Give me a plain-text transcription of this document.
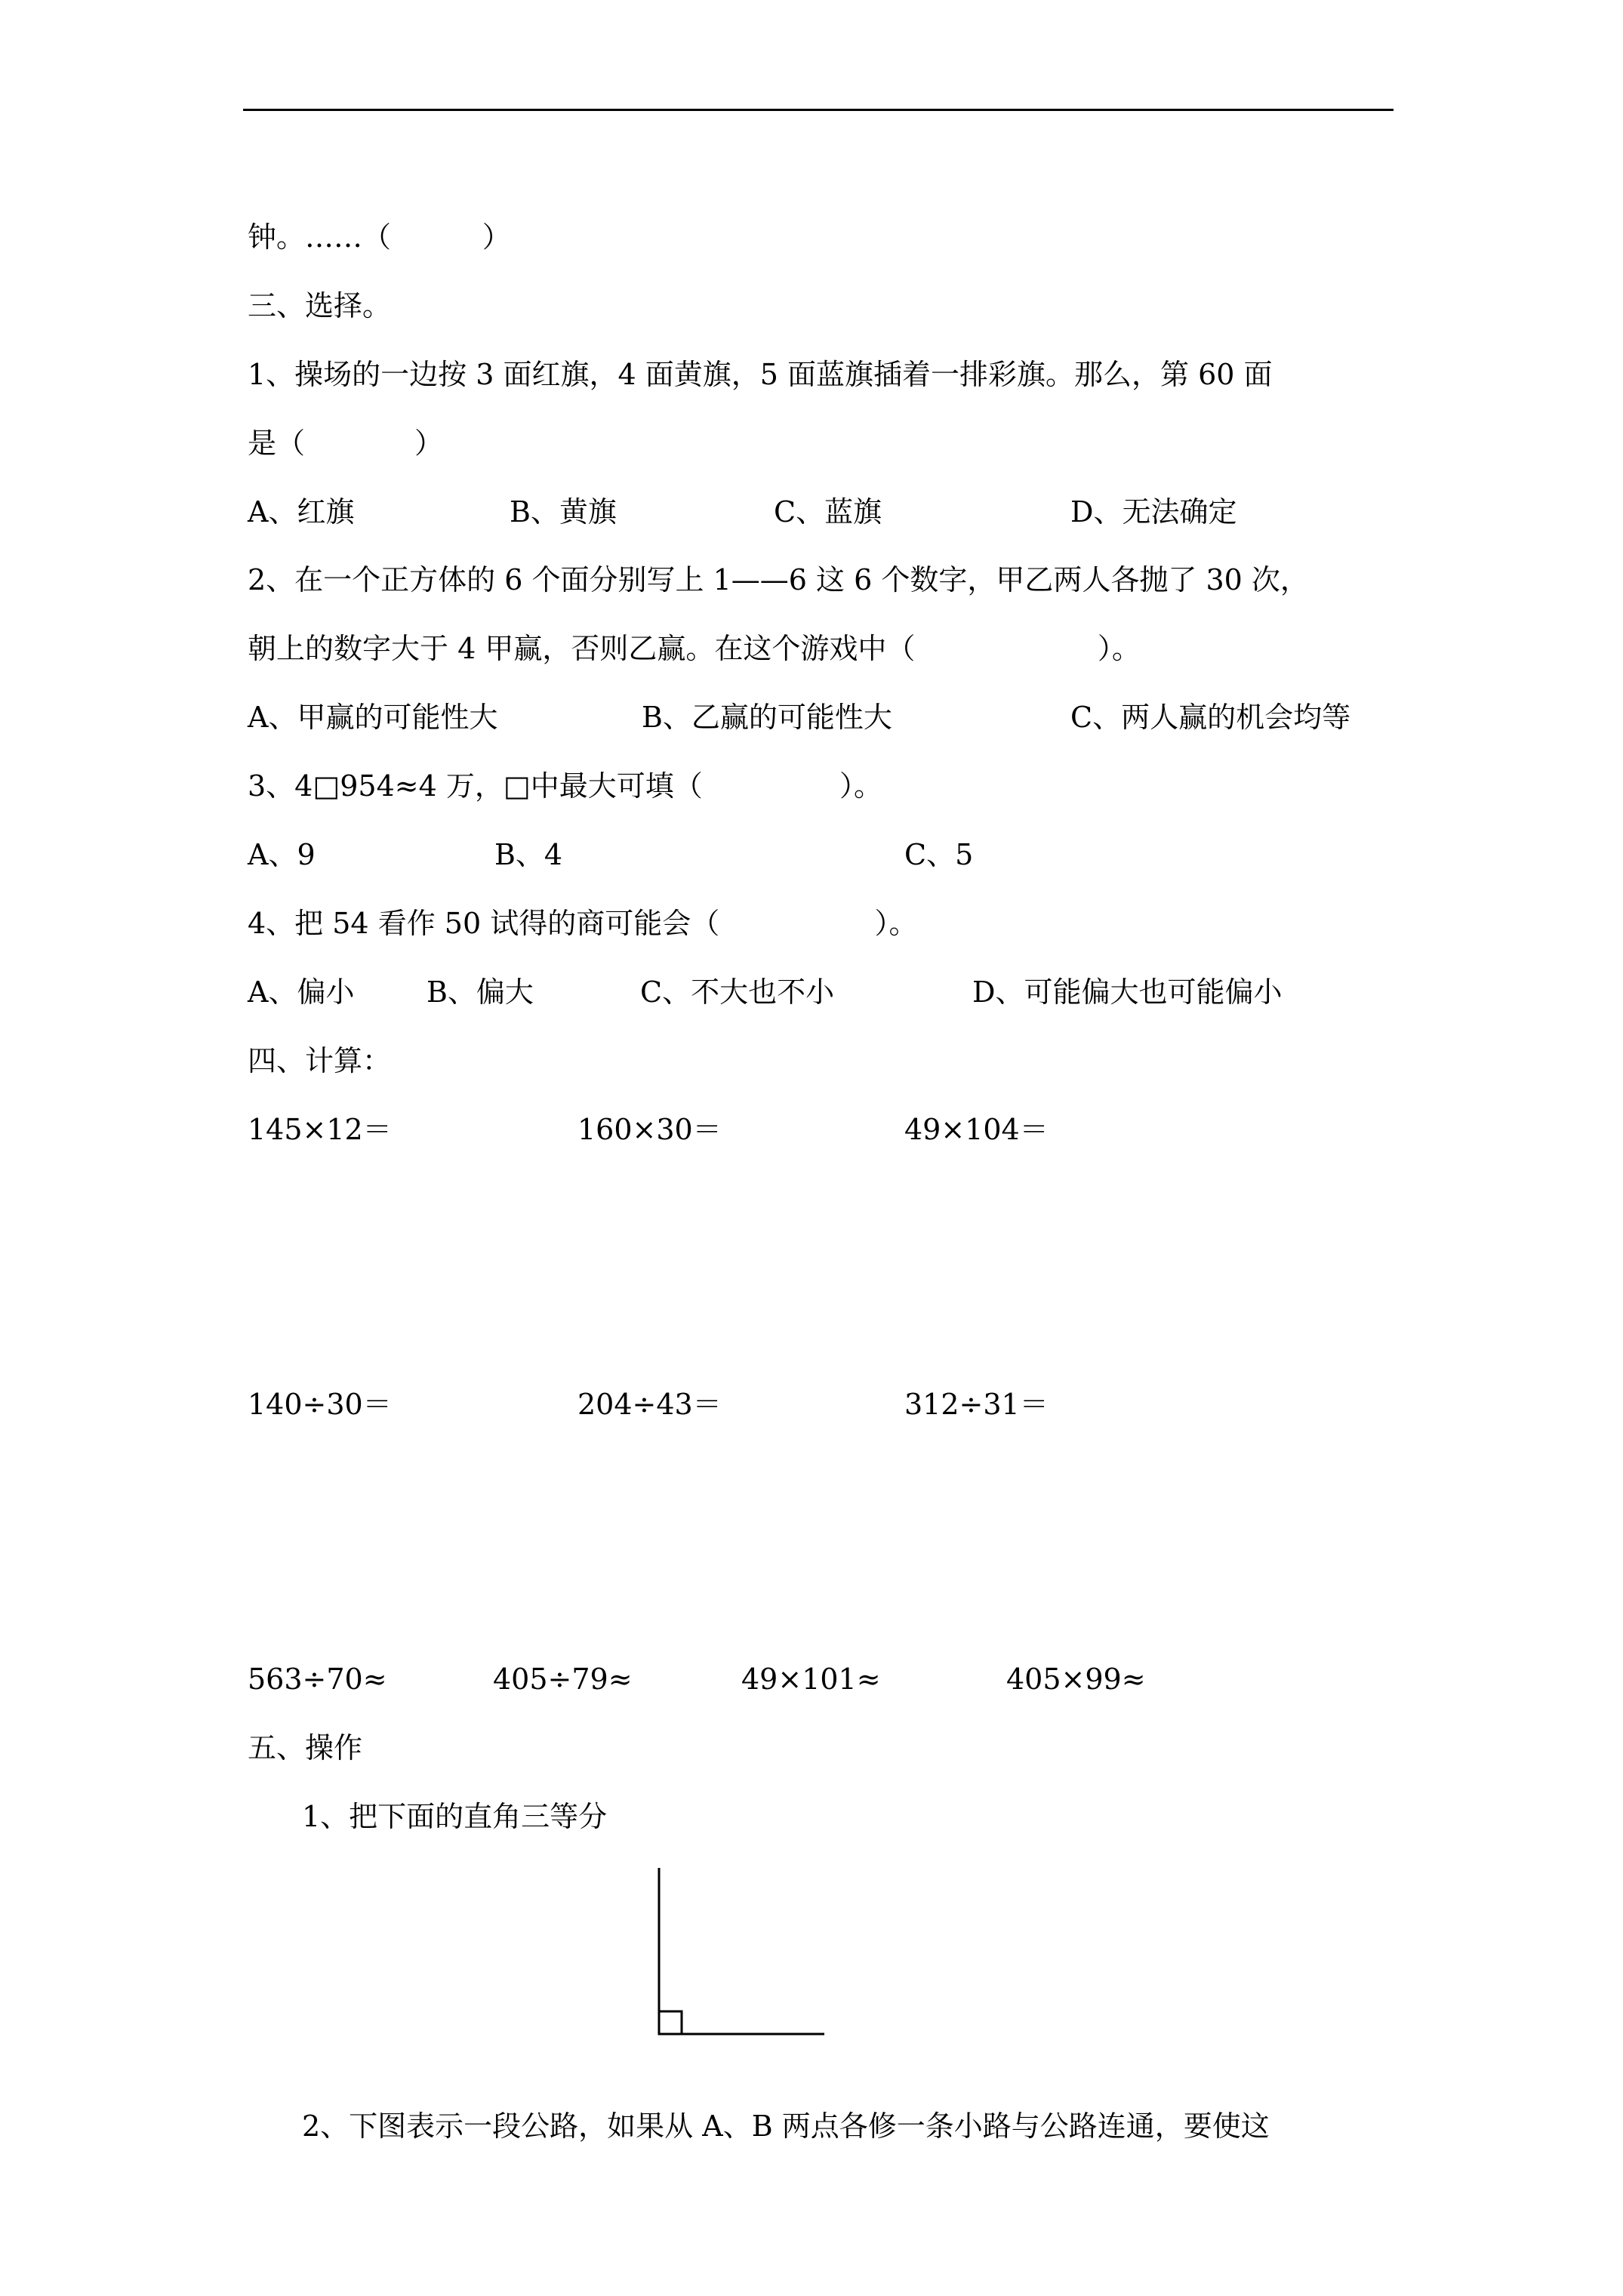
钟。……（          ）

三、选择。

1、操场的一边按 3 面红旗，4 面黄旗，5 面蓝旗插着一排彩旗。那么，第 60 面

是（            ）

A、红旗	B、黄旗	C、蓝旗	D、无法确定

2、在一个正方体的 6 个面分别写上 1——6 这 6 个数字，甲乙两人各抛了 30 次，

朝上的数字大于 4 甲赢，否则乙赢。在这个游戏中（                    ）。

A、甲赢的可能性大	B、乙赢的可能性大	C、两人赢的机会均等

3、4□954≈4 万，□中最大可填（               ）。

A、9	B、4	C、5

4、把 54 看作 50 试得的商可能会（                 ）。

A、偏小	B、偏大	C、不大也不小	D、可能偏大也可能偏小

四、计算：

145×12＝	160×30＝	49×104＝

140÷30＝	204÷43＝	312÷31＝

563÷70≈	405÷79≈	49×101≈	405×99≈

五、操作

1、把下面的直角三等分

2、下图表示一段公路，如果从 A、B 两点各修一条小路与公路连通，要使这
